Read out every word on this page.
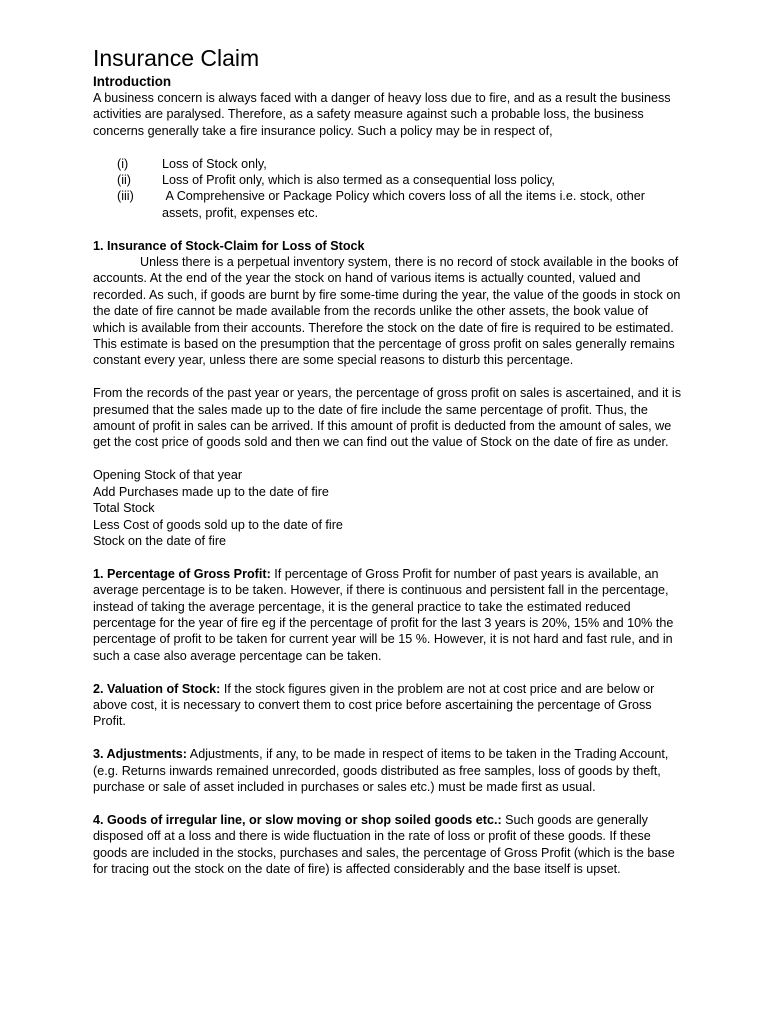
Insurance Claim
Introduction

A business concern is always faced with a danger of heavy loss due to fire, and as a result the business activities are paralysed. Therefore, as a safety measure against such a probable loss, the business concerns generally take a fire insurance policy. Such a policy may be in respect of,

(i)	Loss of Stock only,
(ii) Loss of Profit only, which is also termed as a consequential loss policy,
(iii) A Comprehensive or Package Policy which covers loss of all the items i.e. stock, other assets, profit, expenses etc.

1. Insurance of Stock-Claim for Loss of Stock

Unless there is a perpetual inventory system, there is no record of stock available in the books of accounts. At the end of the year the stock on hand of various items is actually counted, valued and recorded. As such, if goods are burnt by fire some-time during the year, the value of the goods in stock on the date of fire cannot be made available from the records unlike the other assets, the book value of which is available from their accounts. Therefore the stock on the date of fire is required to be estimated. This estimate is based on the presumption that the percentage of gross profit on sales generally remains constant every year, unless there are some special reasons to disturb this percentage.

From the records of the past year or years, the percentage of gross profit on sales is ascertained, and it is presumed that the sales made up to the date of fire include the same percentage of profit. Thus, the amount of profit in sales can be arrived. If this amount of profit is deducted from the amount of sales, we get the cost price of goods sold and then we can find out the value of Stock on the date of fire as under.

Opening Stock of that year
Add Purchases made up to the date of fire
Total Stock
Less Cost of goods sold up to the date of fire
Stock on the date of fire

1. Percentage of Gross Profit: If percentage of Gross Profit for number of past years is available, an average percentage is to be taken. However, if there is continuous and persistent fall in the percentage, instead of taking the average percentage, it is the general practice to take the estimated reduced percentage for the year of fire eg if the percentage of profit for the last 3 years is 20%, 15% and 10% the percentage of profit to be taken for current year will be 15 %. However, it is not hard and fast rule, and in such a case also average percentage can be taken.

2. Valuation of Stock: If the stock figures given in the problem are not at cost price and are below or above cost, it is necessary to convert them to cost price before ascertaining the percentage of Gross Profit.

3. Adjustments: Adjustments, if any, to be made in respect of items to be taken in the Trading Account, (e.g. Returns inwards remained unrecorded, goods distributed as free samples, loss of goods by theft, purchase or sale of asset included in purchases or sales etc.) must be made first as usual.

4. Goods of irregular line, or slow moving or shop soiled goods etc.: Such goods are generally disposed off at a loss and there is wide fluctuation in the rate of loss or profit of these goods. If these goods are included in the stocks, purchases and sales, the percentage of Gross Profit (which is the base for tracing out the stock on the date of fire) is affected considerably and the base itself is upset.
